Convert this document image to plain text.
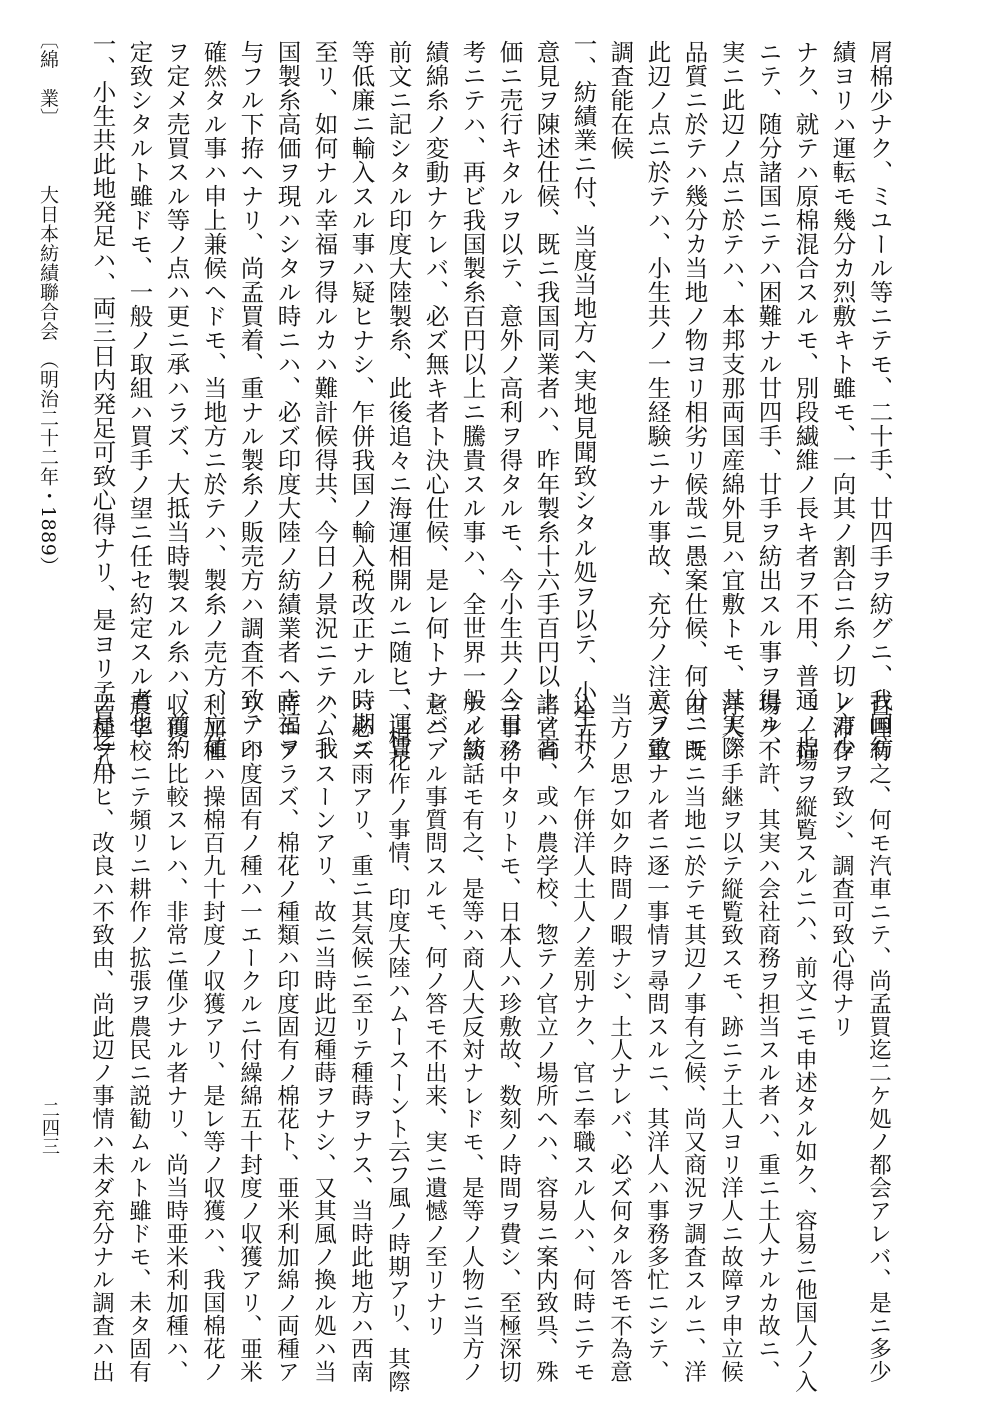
屑棉少ナク、ミユール等ニテモ、二十手、廿四手ヲ紡グニ、我国紡
績ヨリハ運転モ幾分カ烈敷キト雖モ、一向其ノ割合ニ糸ノ切レ方少
ナク、就テハ原棉混合スルモ、別段繊維ノ長キ者ヲ不用、普通ノ棉
ニテ、随分諸国ニテハ困難ナル廿四手、廿手ヲ紡出スル事ヲ得ル、
実ニ此辺ノ点ニ於テハ、本邦支那両国産綿外見ハ宜敷トモ、其実際
品質ニ於テハ幾分カ当地ノ物ヨリ相劣リ候哉ニ愚案仕候、何分ニモ
此辺ノ点ニ於テハ、小生共ノ一生経験ニナル事故、充分ノ注意ヲ致
調査能在候
一、紡績業ニ付、当度当地方ヘ実地見聞致シタル処ヲ以テ、小生共ノ
意見ヲ陳述仕候、既ニ我国同業者ハ、昨年製糸十六手百円以上ノ高
価ニ売行キタルヲ以テ、意外ノ高利ヲ得タルモ、今小生共ノ今日ノ
考ニテハ、再ビ我国製糸百円以上ニ騰貴スル事ハ、全世界一般ノ紡
績綿糸ノ変動ナケレバ、必ズ無キ者ト決心仕候、是レ何トナレバ、
前文ニ記シタル印度大陸製糸、此後追々ニ海運相開ルニ随ヒ、運賃
等低廉ニ輸入スル事ハ疑ヒナシ、乍併我国ノ輸入税改正ナル時期ニ
至リ、如何ナル幸福ヲ得ルカハ難計候得共、今日ノ景況ニテハ、我
国製糸高価ヲ現ハシタル時ニハ、必ズ印度大陸ノ紡績業者ヘ幸福ヲ
与フル下拵ヘナリ、尚孟買着、重ナル製糸ノ販売方ハ調査不致テハ
確然タル事ハ申上兼候ヘドモ、当地方ニ於テハ、製糸ノ売方、立値
ヲ定メ売買スル等ノ点ハ更ニ承ハラズ、大抵当時製スル糸ハ、前約
定致シタルト雖ドモ、一般ノ取組ハ買手ノ望ニ任セ約定スル者也
一、小生共此地発足ハ、両三日内発足可致心得ナリ、是ヨリ孟買迄八
〔綿　業〕
大日本紡績聯合会
（明治二十二年・1889）
百哩有之、何モ汽車ニテ、尚孟買迄二ケ処ノ都会アレバ、是ニ多少
ノ滞存ヲ致シ、調査可致心得ナリ
一、工場ヲ縦覧スルニハ、前文ニモ申述タル如ク、容易ニ他国人ノ入
場ヲ不許、其実ハ会社商務ヲ担当スル者ハ、重ニ土人ナルカ故ニ、
洋人ノ手継ヲ以テ縦覧致スモ、跡ニテ土人ヨリ洋人ニ故障ヲ申立候
由、既ニ当地ニ於テモ其辺ノ事有之候、尚又商況ヲ調査スルニ、洋
人ノ重ナル者ニ逐一事情ヲ尋問スルニ、其洋人ハ事務多忙ニシテ、
当方ノ思フ如ク時間ノ暇ナシ、土人ナレバ、必ズ何タル答モ不為意
込ナリ、乍併洋人土人ノ差別ナク、官ニ奉職スル人ハ、何時ニテモ
諸官省、或ハ農学校、惣テノ官立ノ場所ヘハ、容易ニ案内致呉、殊
ニ事務中タリトモ、日本人ハ珍敷故、数刻ノ時間ヲ費シ、至極深切
ナル談話モ有之、是等ハ商人大反対ナレドモ、是等ノ人物ニ当方ノ
意ニアル事質問スルモ、何ノ答モ不出来、実ニ遺憾ノ至リナリ
一、棉花作ノ事情、印度大陸ハムースーント云フ風ノ時期アリ、其際
ハ必ズ雨アリ、重ニ其気候ニ至リテ種蒔ヲナス、当時此地方ハ西南
ノムースーンアリ、故ニ当時此辺種蒔ヲナシ、又其風ノ換ル処ハ当
時ニアラズ、棉花ノ種類ハ印度固有ノ棉花ト、亜米利加綿ノ両種ア
リ、印度固有ノ種ハ一エークルニ付繰綿五十封度ノ収獲アリ、亜米
利加種ハ操棉百九十封度ノ収獲アリ、是レ等ノ収獲ハ、我国棉花ノ
収獲ト比較スレハ、非常ニ僅少ナル者ナリ、尚当時亜米利加種ハ、
農学校ニテ頻リニ耕作ノ拡張ヲ農民ニ説勧ムルト雖ドモ、未タ固有
ノ種ヲ用ヒ、改良ハ不致由、尚此辺ノ事情ハ未ダ充分ナル調査ハ出
二四三
